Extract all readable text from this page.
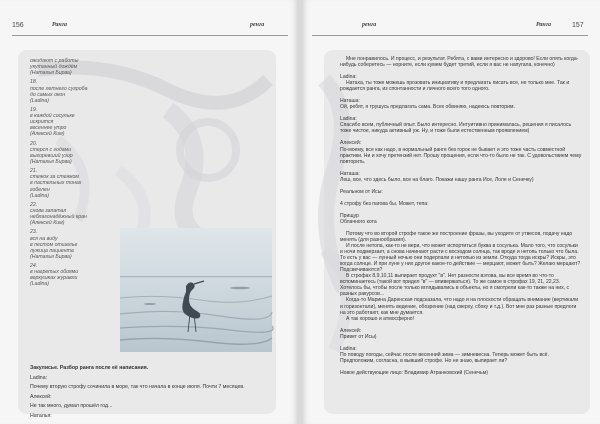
156	Ранга	ренга
ожидают с работы
укутанный дождём
(Наталья Бирва)
18.
после летнего сугроба
до самых окон
(Ladina)
19.
в каждой сосульке
искрится
весеннее утро
(Алексей Ким)
20.
стерся с годами
выгоревший узор
(Наталья Бирва)
21.
стежок за стежком
в пастельных тонах
гобелен
(Ladina)
22.
снова залатал
неблагонадёжный кран
(Алексей Ким)
23.
вся на виду
в пестом отшелье
лужица пациента
(Наталья Бирва)
24.
в нагретых обоями
верхушках журавли
(Ladina)

Закулисье. Разбор ранга после её написания.

Ladina:

Почему вторую строфу сочинила в море, так что начала в конце июля. Почти 7 месяцев.

Алексей:

Не так много, думал прошёл год...

Наталья:

ренга	Ранга	157

Мне понравилось. И процесс, и результат. Ребята, с вами интересно и здорово! Если опять когда-нибудь соберетесь — норните, если кумем будет третий, если я вас не напугала, конечно)

Ladina:

Натаха, ты тоже можешь прозовать инициативу и предлагать писать все, не только мне. Так и рождается ранга, из спонтанности и личного всего того одного.

Наташа:

Ой, ребят, я трушусь предлагать сама. Всех обвиняю, надеюсь повторим.

Ladina:

Спасибо всем, публичный опыт. Было интересно. Интуитивно принималась, решения я писалось тоже чистое, никуда активный уж. Ну, и тоже были естественным проявлением)

Алексей:

По-моему, все как надо, в нормальный ранге без горок не бывает и это тоже часть совместной практики. Ни и хочу претензий нет. Прошу прощения, если что-то было не так. С удовольствием чему повторить.

Наташа:

Леш, все, что здесь было, все на благо. Покажи нашу ранга Исе, Лоле и Сенечку)

Реальном от Исы:

4 строфу без пагова бы. Может, тепа:

Прищур

Облачного кота

Потому что во второй строфе такое же построение фразы, вы уходите от утвесов, подачу надо менять (для разнообразия).

И после нетопа, как-то не вери, что может испортиться буква в сосулька. Мало того, что сосульки и ночи подмерзает, а снова начинают расти с восходом солнца, так вроде и нетопь только что была. То есть у вас — лунный ночью они подерлали и нетопью из земли. Откуда тогда искры? Искры, это когда солнце. И при луне у них другое какое-то действие — мерцают, может быть? Желаю мерцают? Подсвечиваются?

В строфах 8,9,10,11 выпирает продукт "в". Нет разности вэтова, вы все время во что-то вспоминаетесь (такой вот придел "в" — впивержаться). То же самое в строфах 19, 21, 22,23. Хотелось бы, чтобы после только вглядывались в объекты, но я смотрели как-то также на них, с разных ракурсов...

Когда-то Марина Даренская подсказала, что надо и на плоскости обращать внимание (вертикали и горизонтали), менять ведение, обозрение (над сверху, сбоку и т.д.). Вот мне раз разные предлоги на это работают, как мне думается.

А так хорошо и атмосферно!

Алексей:

Привет от Исы)

Ladina:

По поводу погоды, сейчас после весенний зима — зимневесна. Теперь может быть всё. Предположим, согласна, в вывший строфе. Но не знаю, выпирает ли?

Новое действующие лицо: Владимир Атранковский (Сенечьм)
